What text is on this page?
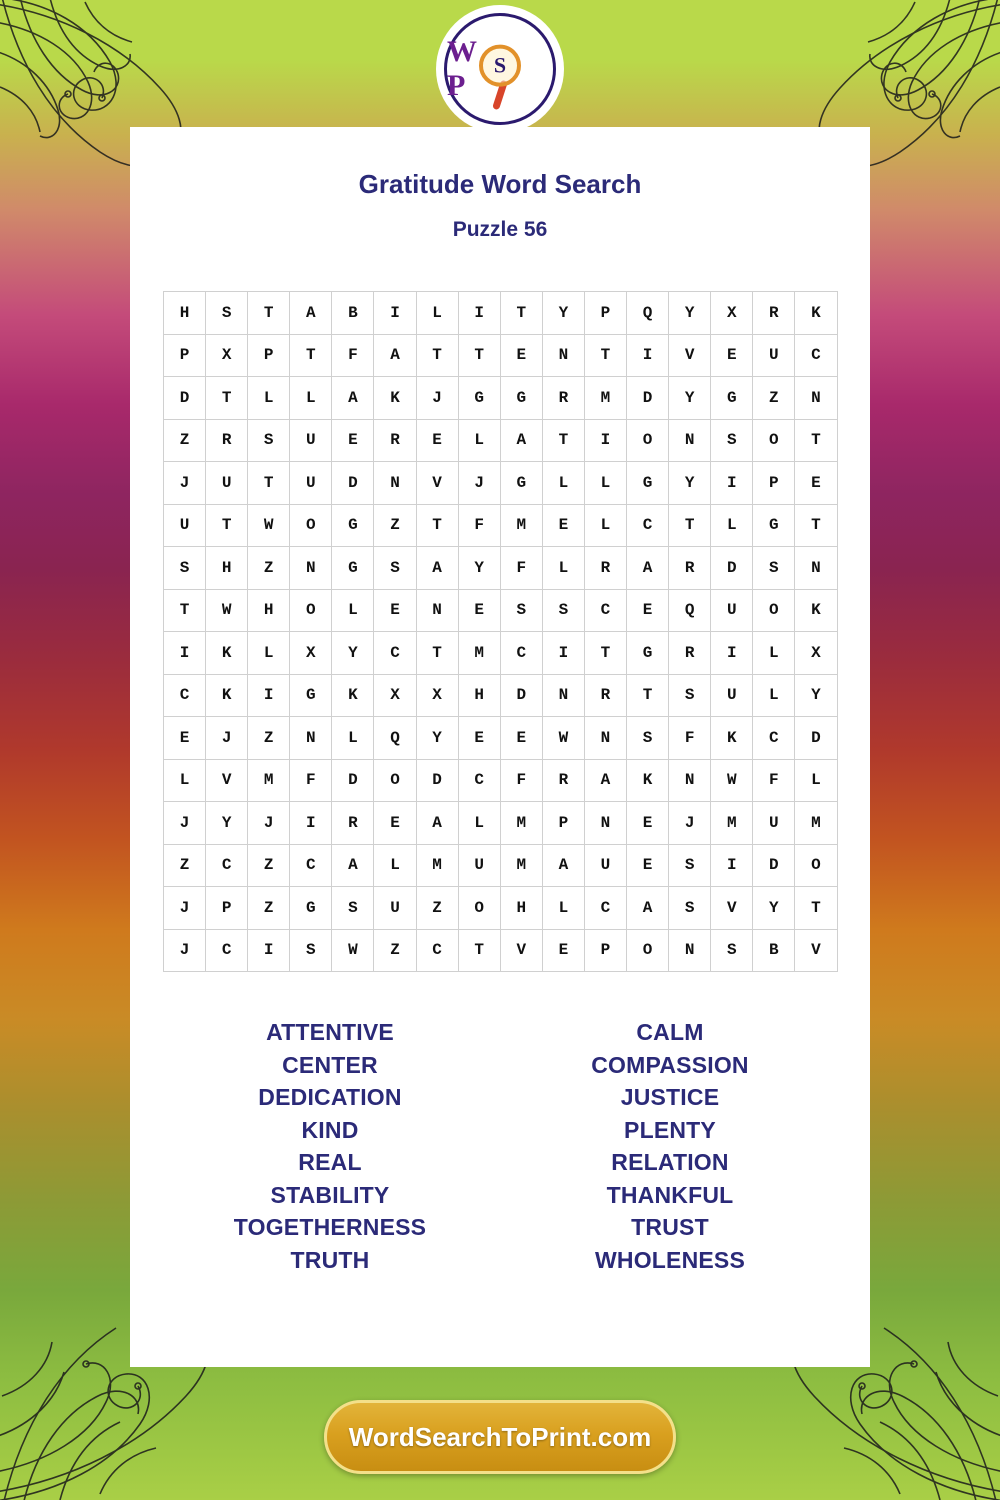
W       P
S
Gratitude Word Search
Puzzle 56
H	S	T	A	B	I	L	I	T	Y	P	Q	Y	X	R	K
P	X	P	T	F	A	T	T	E	N	T	I	V	E	U	C
D	T	L	L	A	K	J	G	G	R	M	D	Y	G	Z	N
Z	R	S	U	E	R	E	L	A	T	I	O	N	S	O	T
J	U	T	U	D	N	V	J	G	L	L	G	Y	I	P	E
U	T	W	O	G	Z	T	F	M	E	L	C	T	L	G	T
S	H	Z	N	G	S	A	Y	F	L	R	A	R	D	S	N
T	W	H	O	L	E	N	E	S	S	C	E	Q	U	O	K
I	K	L	X	Y	C	T	M	C	I	T	G	R	I	L	X
C	K	I	G	K	X	X	H	D	N	R	T	S	U	L	Y
E	J	Z	N	L	Q	Y	E	E	W	N	S	F	K	C	D
L	V	M	F	D	O	D	C	F	R	A	K	N	W	F	L
J	Y	J	I	R	E	A	L	M	P	N	E	J	M	U	M
Z	C	Z	C	A	L	M	U	M	A	U	E	S	I	D	O
J	P	Z	G	S	U	Z	O	H	L	C	A	S	V	Y	T
J	C	I	S	W	Z	C	T	V	E	P	O	N	S	B	V
ATTENTIVE
CENTER
DEDICATION
KIND
REAL
STABILITY
TOGETHERNESS
TRUTH
CALM
COMPASSION
JUSTICE
PLENTY
RELATION
THANKFUL
TRUST
WHOLENESS
WordSearchToPrint.com
